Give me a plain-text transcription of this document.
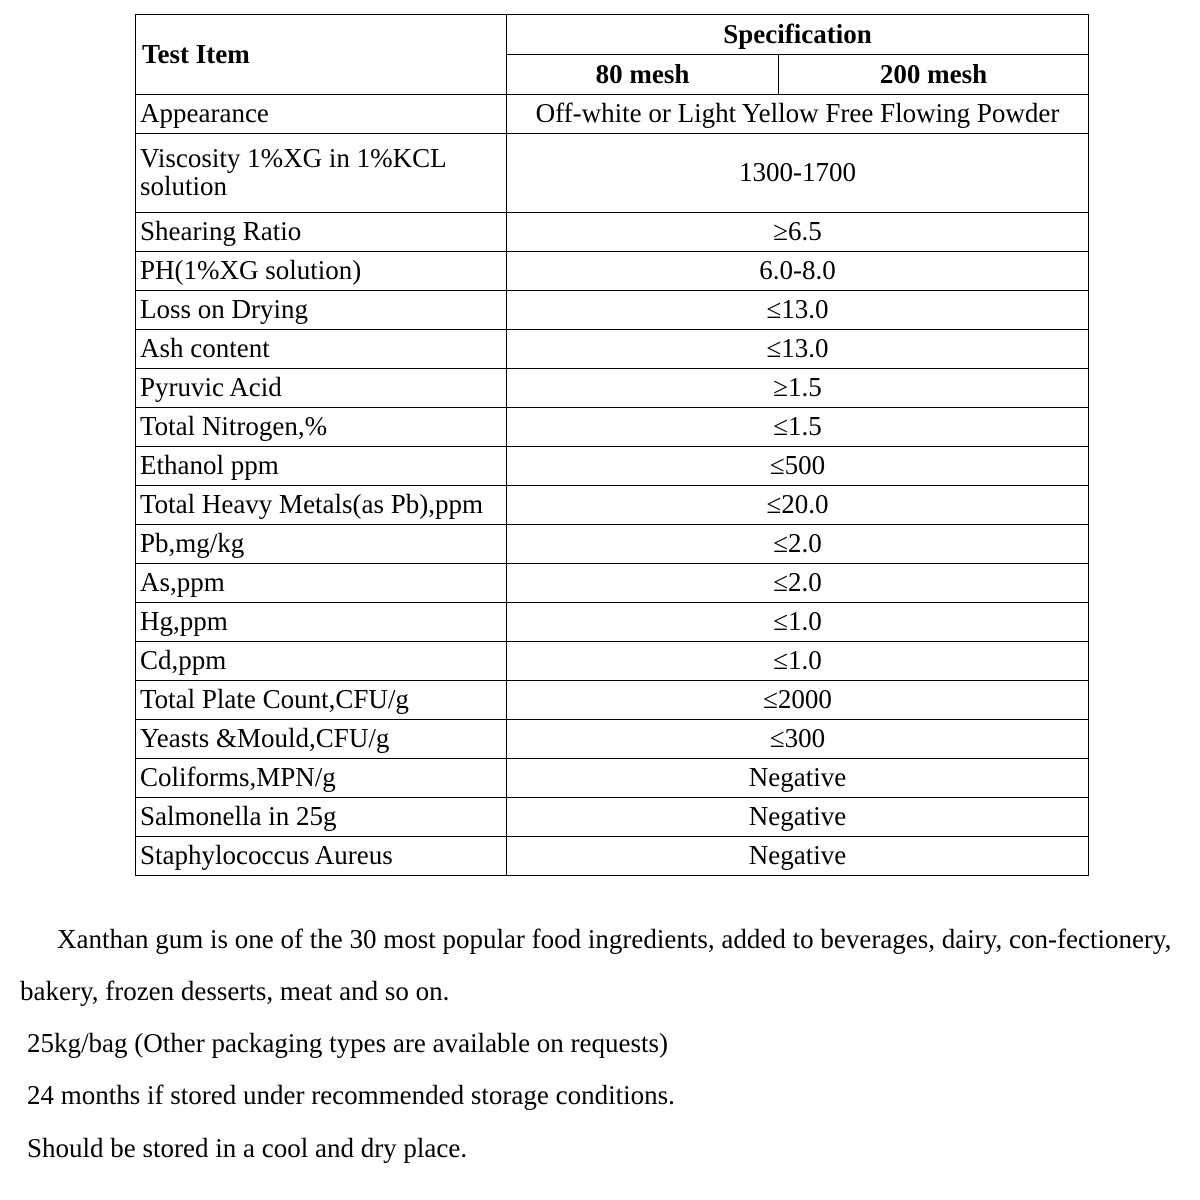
Test Item	Specification	
	80 mesh	200 mesh
Appearance	Off-white or Light Yellow Free Flowing Powder	
Viscosity 1%XG in 1%KCL solution	1300-1700	
Shearing Ratio	≥6.5	
PH(1%XG solution)	6.0-8.0	
Loss on Drying	≤13.0	
Ash content	≤13.0	
Pyruvic Acid	≥1.5	
Total Nitrogen,%	≤1.5	
Ethanol ppm	≤500	
Total Heavy Metals(as Pb),ppm	≤20.0	
Pb,mg/kg	≤2.0	
As,ppm	≤2.0	
Hg,ppm	≤1.0	
Cd,ppm	≤1.0	
Total Plate Count,CFU/g	≤2000	
Yeasts &Mould,CFU/g	≤300	
Coliforms,MPN/g	Negative	
Salmonella in 25g	Negative	
Staphylococcus Aureus	Negative	

Xanthan gum is one of the 30 most popular food ingredients, added to beverages, dairy, con-fectionery, bakery, frozen desserts, meat and so on.

25kg/bag (Other packaging types are available on requests)

24 months if stored under recommended storage conditions.

Should be stored in a cool and dry place.
